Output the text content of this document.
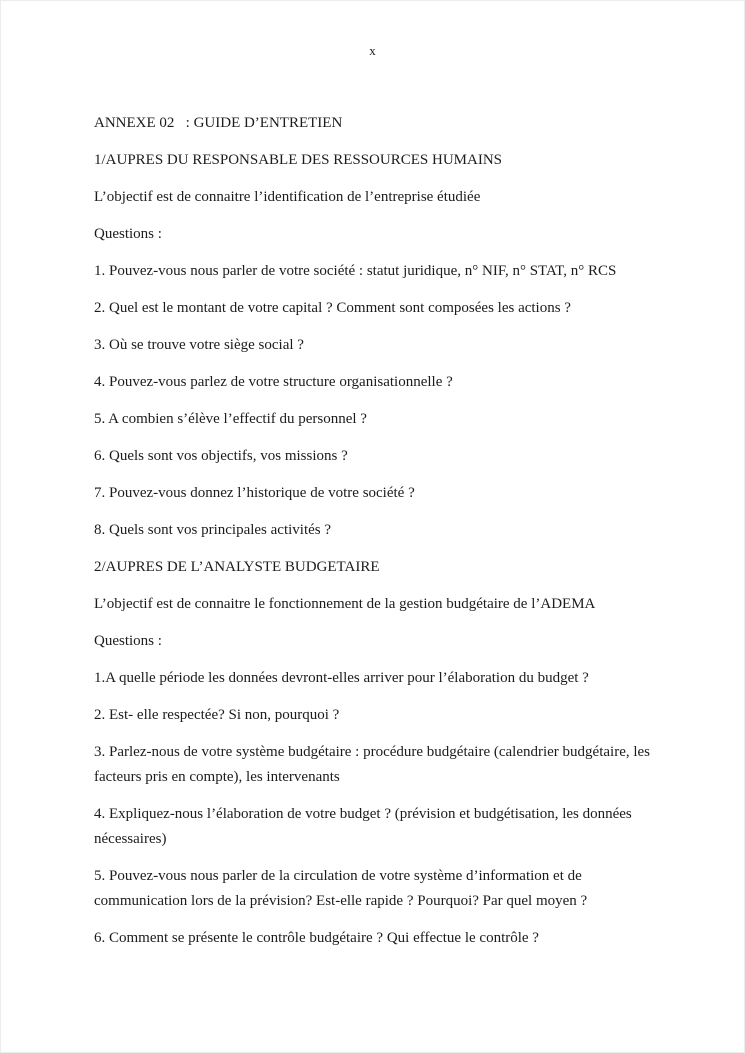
x

ANNEXE 02   : GUIDE D’ENTRETIEN

1/AUPRES DU RESPONSABLE DES RESSOURCES HUMAINS

L’objectif est de connaitre l’identification de l’entreprise étudiée

Questions :

1. Pouvez-vous nous parler de votre société : statut juridique, n° NIF, n° STAT, n° RCS

2. Quel est le montant de votre capital ? Comment sont composées les actions ?

3. Où se trouve votre siège social ?

4. Pouvez-vous parlez de votre structure organisationnelle ?

5. A combien s’élève l’effectif du personnel ?

6. Quels sont vos objectifs, vos missions ?

7. Pouvez-vous donnez l’historique de votre société ?

8. Quels sont vos principales activités ?

2/AUPRES DE L’ANALYSTE BUDGETAIRE

L’objectif est de connaitre le fonctionnement de la gestion budgétaire de l’ADEMA

Questions :

1.A quelle période les données devront-elles arriver pour l’élaboration du budget ?

2. Est- elle respectée? Si non, pourquoi ?

3. Parlez-nous de votre système budgétaire : procédure budgétaire (calendrier budgétaire, les facteurs pris en compte), les intervenants

4. Expliquez-nous l’élaboration de votre budget ? (prévision et budgétisation, les données nécessaires)

5. Pouvez-vous nous parler de la circulation de votre système d’information et de communication lors de la prévision? Est-elle rapide ? Pourquoi? Par quel moyen ?

6. Comment se présente le contrôle budgétaire ? Qui effectue le contrôle ?
